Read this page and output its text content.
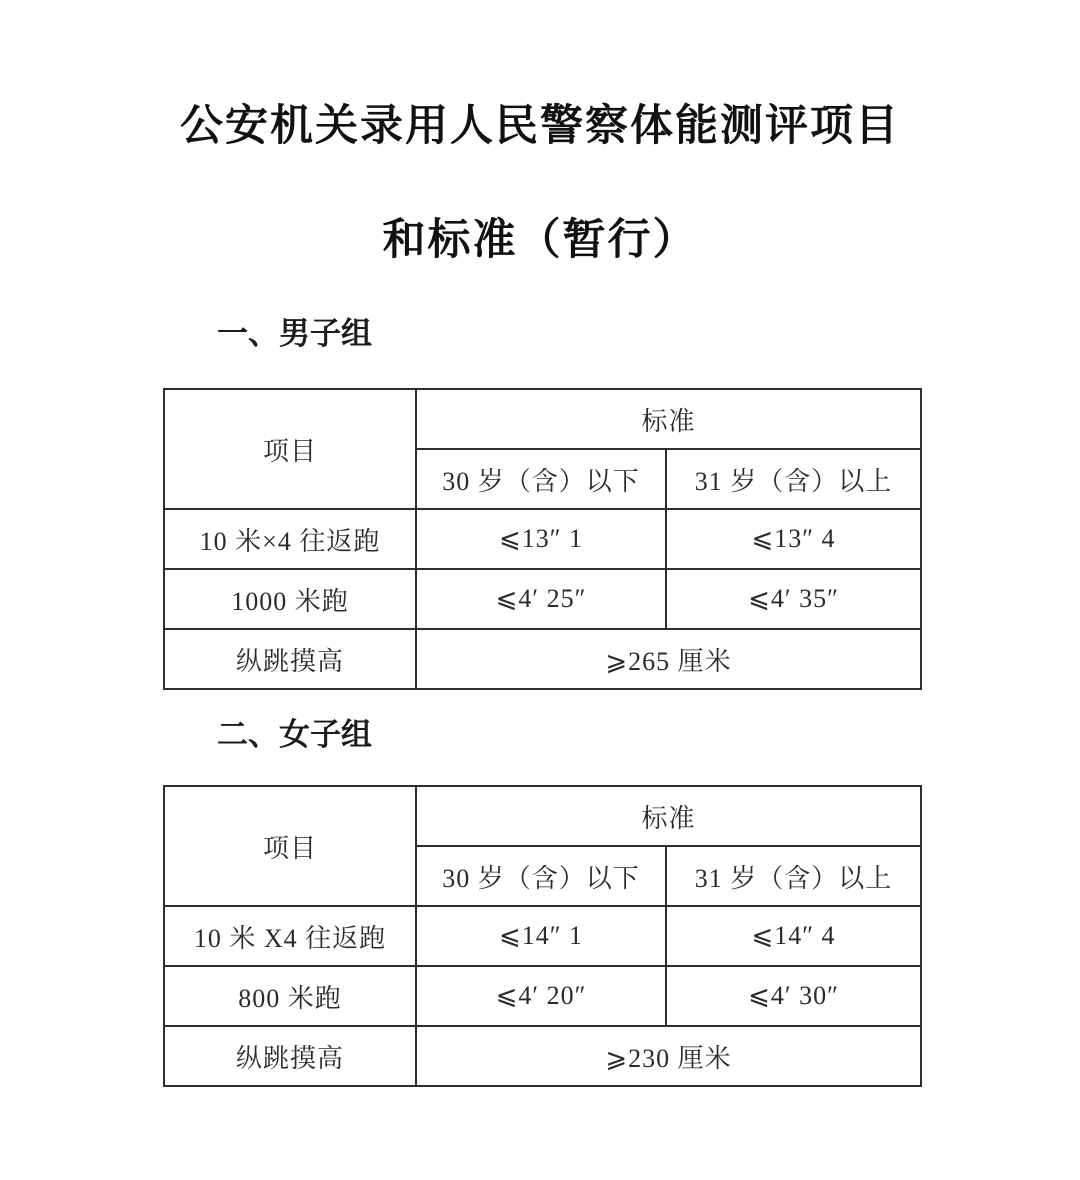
公安机关录用人民警察体能测评项目
和标准（暂行）
一、男子组
项目	标准	
	30 岁（含）以下	31 岁（含）以上
10 米×4 往返跑	⩽13″ 1	⩽13″ 4
1000 米跑	⩽4′ 25″	⩽4′ 35″
纵跳摸高	⩾265 厘米	
二、女子组
项目	标准	
	30 岁（含）以下	31 岁（含）以上
10 米 X4 往返跑	⩽14″ 1	⩽14″ 4
800 米跑	⩽4′ 20″	⩽4′ 30″
纵跳摸高	⩾230 厘米	
